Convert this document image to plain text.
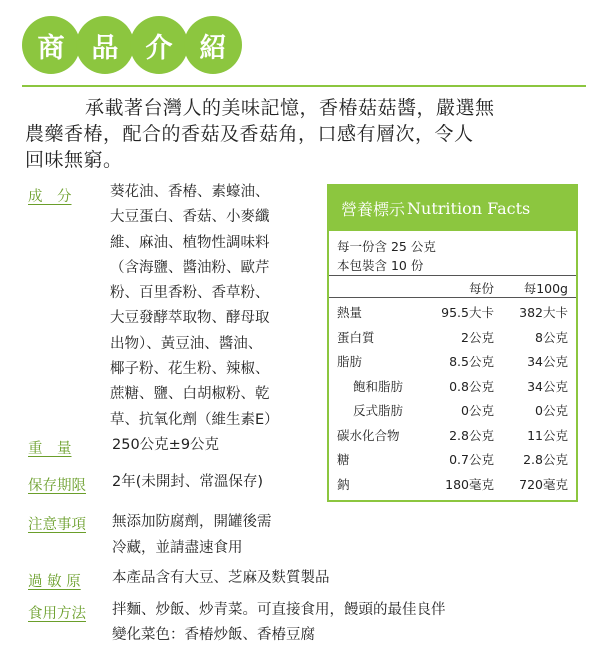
商	品	介	紹
承載著台灣人的美味記憶，香椿菇菇醬，嚴選無
農藥香椿，配合的香菇及香菇角，口感有層次，令人
回味無窮。
成　分	葵花油、香椿、素蠔油、
大豆蛋白、香菇、小麥纖
維、麻油、植物性調味料
（含海鹽、醬油粉、歐芹
粉、百里香粉、香草粉、
大豆發酵萃取物、酵母取
出物）、黃豆油、醬油、
椰子粉、花生粉、辣椒、
蔗糖、鹽、白胡椒粉、乾
草、抗氧化劑（維生素E）
重　量	250公克±9公克
保存期限 2年(未開封、常溫保存)
注意事項 無添加防腐劑，開罐後需
冷藏，並請盡速食用
過 敏 原 本產品含有大豆、芝麻及麩質製品
食用方法 拌麵、炒飯、炒青菜。可直接食用，饅頭的最佳良伴
變化菜色：香椿炒飯、香椿豆腐
營養標示 Nutrition Facts
每一份含 25 公克
本包裝含 10 份
每份 每100g
熱量	95.5大卡 382大卡
蛋白質	2公克	8公克
脂肪	8.5公克	34公克
飽和脂肪	0.8公克	34公克
反式脂肪	0公克	0公克
碳水化合物	2.8公克	11公克
糖	0.7公克 2.8公克
鈉	180毫克 720毫克
